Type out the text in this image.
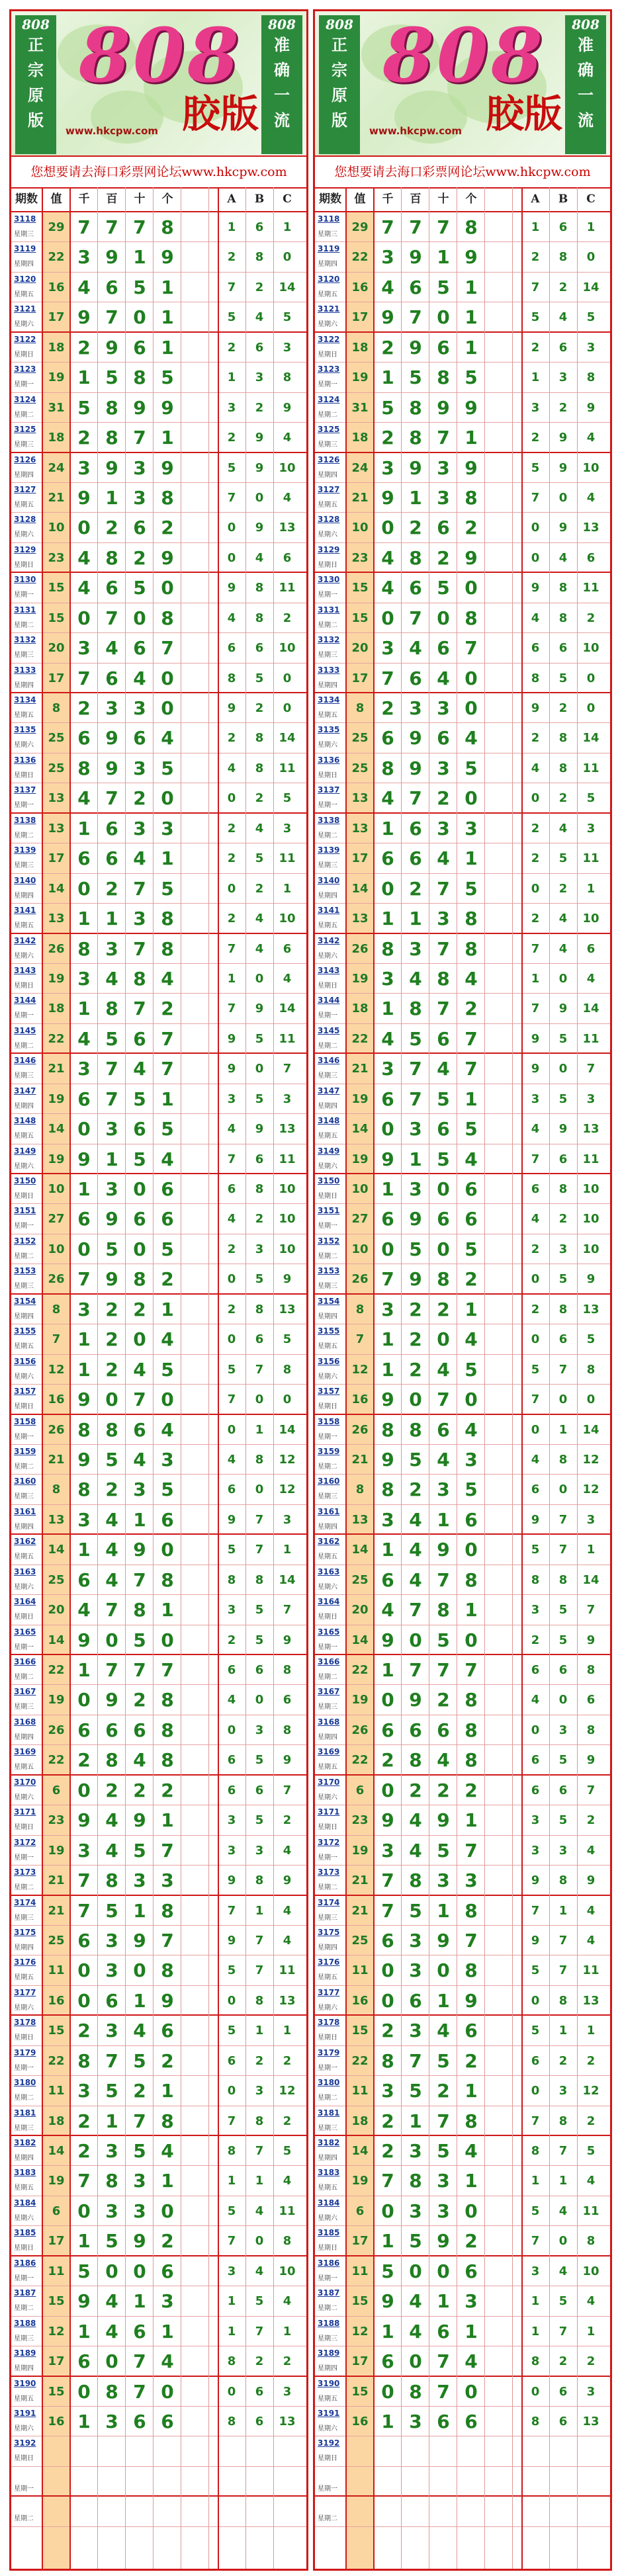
808
正
宗
原
版
808
准
确
一
流
808
www.hkcpw.com 胶版
您想要请去海口彩票网论坛www.hkcpw.com
期数	值	千	百	十	个	A	B	C
3118
星期三
29 7 7 7 8	1	6	1
3119
星期四
22 3 9 1 9	2	8	0
3120
星期五
16 4 6 5 1	7	2	14
3121
星期六
17 9 7 0 1	5	4	5
3122
星期日
18 2 9 6 1	2	6	3
3123
星期一
19 1 5 8 5	1	3	8
3124
星期二
31 5 8 9 9	3	2	9
3125
星期三
18 2 8 7 1	2	9	4
3126
星期四
24 3 9 3 9	5	9	10
3127
星期五
21 9 1 3 8	7	0	4
3128
星期六
10 0 2 6 2	0	9	13
3129
星期日
23 4 8 2 9	0	4	6
3130
星期一
15 4 6 5 0	9	8	11
3131
星期二
15 0 7 0 8	4	8	2
3132
星期三
20 3 4 6 7	6	6	10
3133
星期四
17 7 6 4 0	8	5	0
3134
星期五
8 2 3 3 0	9	2	0
3135
星期六
25 6 9 6 4	2	8	14
3136
星期日
25 8 9 3 5	4	8	11
3137
星期一
13 4 7 2 0	0	2	5
3138
星期二
13 1 6 3 3	2	4	3
3139
星期三
17 6 6 4 1	2	5	11
3140
星期四
14 0 2 7 5	0	2	1
3141
星期五
13 1 1 3 8	2	4	10
3142
星期六
26 8 3 7 8	7	4	6
3143
星期日
19 3 4 8 4	1	0	4
3144
星期一
18 1 8 7 2	7	9	14
3145
星期二
22 4 5 6 7	9	5	11
3146
星期三
21 3 7 4 7	9	0	7
3147
星期四
19 6 7 5 1	3	5	3
3148
星期五
14 0 3 6 5	4	9	13
3149
星期六
19 9 1 5 4	7	6	11
3150
星期日
10 1 3 0 6	6	8	10
3151
星期一
27 6 9 6 6	4	2	10
3152
星期二
10 0 5 0 5	2	3	10
3153
星期三
26 7 9 8 2	0	5	9
3154
星期四
8 3 2 2 1	2	8	13
3155
星期五
7 1 2 0 4	0	6	5
3156
星期六
12 1 2 4 5	5	7	8
3157
星期日
16 9 0 7 0	7	0	0
3158
星期一
26 8 8 6 4	0	1	14
3159
星期二
21 9 5 4 3	4	8	12
3160
星期三
8 8 2 3 5	6	0	12
3161
星期四
13 3 4 1 6	9	7	3
3162
星期五
14 1 4 9 0	5	7	1
3163
星期六
25 6 4 7 8	8	8	14
3164
星期日
20 4 7 8 1	3	5	7
3165
星期一
14 9 0 5 0	2	5	9
3166
星期二
22 1 7 7 7	6	6	8
3167
星期三
19 0 9 2 8	4	0	6
3168
星期四
26 6 6 6 8	0	3	8
3169
星期五
22 2 8 4 8	6	5	9
3170
星期六
6 0 2 2 2	6	6	7
3171
星期日
23 9 4 9 1	3	5	2
3172
星期一
19 3 4 5 7	3	3	4
3173
星期二
21 7 8 3 3	9	8	9
3174
星期三
21 7 5 1 8	7	1	4
3175
星期四
25 6 3 9 7	9	7	4
3176
星期五
11 0 3 0 8	5	7	11
3177
星期六
16 0 6 1 9	0	8	13
3178
星期日
15 2 3 4 6	5	1	1
3179
星期一
22 8 7 5 2	6	2	2
3180
星期二
11 3 5 2 1	0	3	12
3181
星期三
18 2 1 7 8	7	8	2
3182
星期四
14 2 3 5 4	8	7	5
3183
星期五
19 7 8 3 1	1	1	4
3184
星期六
6 0 3 3 0	5	4	11
3185
星期日
17 1 5 9 2	7	0	8
3186
星期一
11 5 0 0 6	3	4	10
3187
星期二
15 9 4 1 3	1	5	4
3188
星期三
12 1 4 6 1	1	7	1
3189
星期四
17 6 0 7 4	8	2	2
3190
星期五
15 0 8 7 0	0	6	3
3191
星期六
16 1 3 6 6	8	6	13
3192
星期日
星期一
星期二
808
正
宗
原
版
808
准
确
一
流
808
www.hkcpw.com 胶版
您想要请去海口彩票网论坛www.hkcpw.com
期数	值	千	百	十	个	A	B	C
3118
星期三
29 7 7 7 8	1	6	1
3119
星期四
22 3 9 1 9	2	8	0
3120
星期五
16 4 6 5 1	7	2	14
3121
星期六
17 9 7 0 1	5	4	5
3122
星期日
18 2 9 6 1	2	6	3
3123
星期一
19 1 5 8 5	1	3	8
3124
星期二
31 5 8 9 9	3	2	9
3125
星期三
18 2 8 7 1	2	9	4
3126
星期四
24 3 9 3 9	5	9	10
3127
星期五
21 9 1 3 8	7	0	4
3128
星期六
10 0 2 6 2	0	9	13
3129
星期日
23 4 8 2 9	0	4	6
3130
星期一
15 4 6 5 0	9	8	11
3131
星期二
15 0 7 0 8	4	8	2
3132
星期三
20 3 4 6 7	6	6	10
3133
星期四
17 7 6 4 0	8	5	0
3134
星期五
8 2 3 3 0	9	2	0
3135
星期六
25 6 9 6 4	2	8	14
3136
星期日
25 8 9 3 5	4	8	11
3137
星期一
13 4 7 2 0	0	2	5
3138
星期二
13 1 6 3 3	2	4	3
3139
星期三
17 6 6 4 1	2	5	11
3140
星期四
14 0 2 7 5	0	2	1
3141
星期五
13 1 1 3 8	2	4	10
3142
星期六
26 8 3 7 8	7	4	6
3143
星期日
19 3 4 8 4	1	0	4
3144
星期一
18 1 8 7 2	7	9	14
3145
星期二
22 4 5 6 7	9	5	11
3146
星期三
21 3 7 4 7	9	0	7
3147
星期四
19 6 7 5 1	3	5	3
3148
星期五
14 0 3 6 5	4	9	13
3149
星期六
19 9 1 5 4	7	6	11
3150
星期日
10 1 3 0 6	6	8	10
3151
星期一
27 6 9 6 6	4	2	10
3152
星期二
10 0 5 0 5	2	3	10
3153
星期三
26 7 9 8 2	0	5	9
3154
星期四
8 3 2 2 1	2	8	13
3155
星期五
7 1 2 0 4	0	6	5
3156
星期六
12 1 2 4 5	5	7	8
3157
星期日
16 9 0 7 0	7	0	0
3158
星期一
26 8 8 6 4	0	1	14
3159
星期二
21 9 5 4 3	4	8	12
3160
星期三
8 8 2 3 5	6	0	12
3161
星期四
13 3 4 1 6	9	7	3
3162
星期五
14 1 4 9 0	5	7	1
3163
星期六
25 6 4 7 8	8	8	14
3164
星期日
20 4 7 8 1	3	5	7
3165
星期一
14 9 0 5 0	2	5	9
3166
星期二
22 1 7 7 7	6	6	8
3167
星期三
19 0 9 2 8	4	0	6
3168
星期四
26 6 6 6 8	0	3	8
3169
星期五
22 2 8 4 8	6	5	9
3170
星期六
6 0 2 2 2	6	6	7
3171
星期日
23 9 4 9 1	3	5	2
3172
星期一
19 3 4 5 7	3	3	4
3173
星期二
21 7 8 3 3	9	8	9
3174
星期三
21 7 5 1 8	7	1	4
3175
星期四
25 6 3 9 7	9	7	4
3176
星期五
11 0 3 0 8	5	7	11
3177
星期六
16 0 6 1 9	0	8	13
3178
星期日
15 2 3 4 6	5	1	1
3179
星期一
22 8 7 5 2	6	2	2
3180
星期二
11 3 5 2 1	0	3	12
3181
星期三
18 2 1 7 8	7	8	2
3182
星期四
14 2 3 5 4	8	7	5
3183
星期五
19 7 8 3 1	1	1	4
3184
星期六
6 0 3 3 0	5	4	11
3185
星期日
17 1 5 9 2	7	0	8
3186
星期一
11 5 0 0 6	3	4	10
3187
星期二
15 9 4 1 3	1	5	4
3188
星期三
12 1 4 6 1	1	7	1
3189
星期四
17 6 0 7 4	8	2	2
3190
星期五
15 0 8 7 0	0	6	3
3191
星期六
16 1 3 6 6	8	6	13
3192
星期日
星期一
星期二
